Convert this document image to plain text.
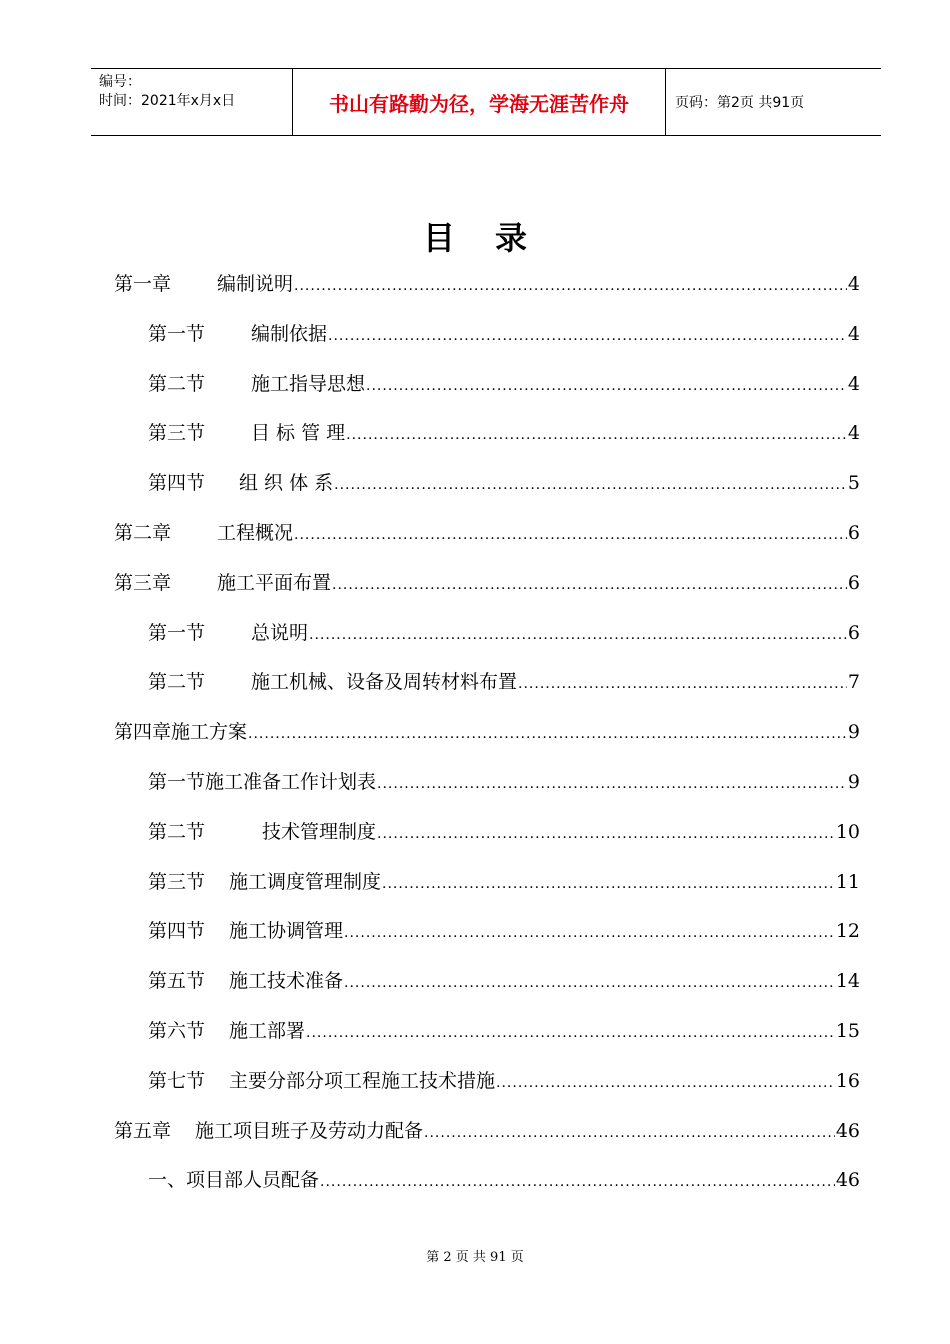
编号：
时间：2021年x月x日	书山有路勤为径，学海无涯苦作舟	页码：第2页 共91页
目录
第一章 编制说明 .....	4
第一节 编制依据 .....	4
第二节 施工指导思想 .....	4
第三节 目 标 管 理 .....	4
第四节 组 织 体 系 .....	5
第二章 工程概况 .....	6
第三章 施工平面布置 .....	6
第一节 总说明 .....	6
第二节 施工机械、设备及周转材料布置 .....	7
第四章 施工方案 .....	9
第一节 施工准备工作计划表 .....	9
第二节	技术管理制度 .....	10
第三节 施工调度管理制度 .....	11
第四节 施工协调管理 .....	12
第五节 施工技术准备 .....	14
第六节 施工部署 .....	15
第七节 主要分部分项工程施工技术措施 .....	16
第五章 施工项目班子及劳动力配备 .....	46
一、项目部人员配备 .....	46
第 2 页 共 91 页
